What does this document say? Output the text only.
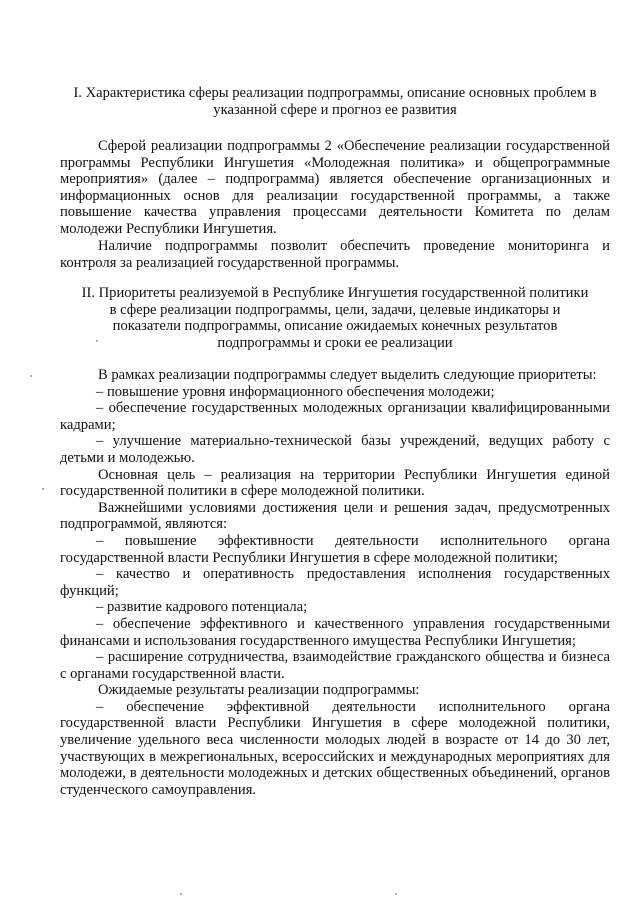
I. Характеристика сферы реализации подпрограммы, описание основных проблем в указанной сфере и прогноз ее развития
Сферой реализации подпрограммы 2 «Обеспечение реализации государственной программы Республики Ингушетия «Молодежная политика» и общепрограммные мероприятия» (далее – подпрограмма) является обеспечение организационных и информационных основ для реализации государственной программы, а также повышение качества управления процессами деятельности Комитета по делам молодежи Республики Ингушетия.
Наличие подпрограммы позволит обеспечить проведение мониторинга и контроля за реализацией государственной программы.
II. Приоритеты реализуемой в Республике Ингушетия государственной политики в сфере реализации подпрограммы, цели, задачи, целевые индикаторы и показатели подпрограммы, описание ожидаемых конечных результатов подпрограммы и сроки ее реализации
В рамках реализации подпрограммы следует выделить следующие приоритеты:
– повышение уровня информационного обеспечения молодежи;
– обеспечение государственных молодежных организации квалифицированными кадрами;
– улучшение материально-технической базы учреждений, ведущих работу с детьми и молодежью.
Основная цель – реализация на территории Республики Ингушетия единой государственной политики в сфере молодежной политики.
Важнейшими условиями достижения цели и решения задач, предусмотренных подпрограммой, являются:
– повышение эффективности деятельности исполнительного органа государственной власти Республики Ингушетия в сфере молодежной политики;
– качество и оперативность предоставления исполнения государственных функций;
– развитие кадрового потенциала;
– обеспечение эффективного и качественного управления государственными финансами и использования государственного имущества Республики Ингушетия;
– расширение сотрудничества, взаимодействие гражданского общества и бизнеса с органами государственной власти.
Ожидаемые результаты реализации подпрограммы:
– обеспечение эффективной деятельности исполнительного органа государственной власти Республики Ингушетия в сфере молодежной политики, увеличение удельного веса численности молодых людей в возрасте от 14 до 30 лет, участвующих в межрегиональных, всероссийских и международных мероприятиях для молодежи, в деятельности молодежных и детских общественных объединений, органов студенческого самоуправления.
